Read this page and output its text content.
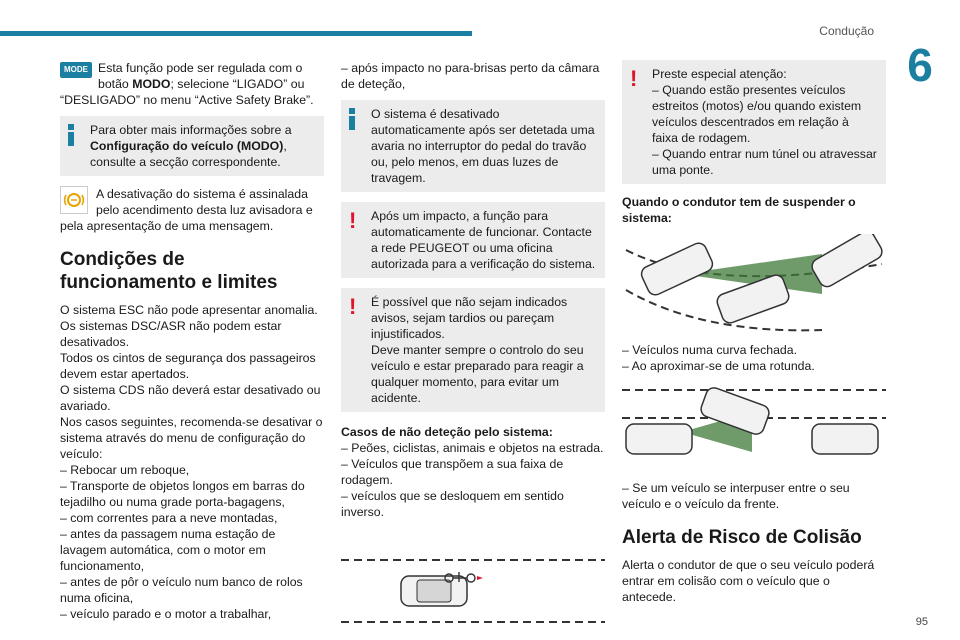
Condução
6
95
MODE Esta função pode ser regulada com o botão MODO; selecione “LIGADO” ou “DESLIGADO” no menu “Active Safety Brake”.
Para obter mais informações sobre a Configuração do veículo (MODO), consulte a secção correspondente.
A desativação do sistema é assinalada pelo acendimento desta luz avisadora e pela apresentação de uma mensagem.
Condições de funcionamento e limites

O sistema ESC não pode apresentar anomalia.

Os sistemas DSC/ASR não podem estar desativados.

Todos os cintos de segurança dos passageiros devem estar apertados.

O sistema CDS não deverá estar desativado ou avariado.

Nos casos seguintes, recomenda-se desativar o sistema através do menu de configuração do veículo:

– Rebocar um reboque,

– Transporte de objetos longos em barras do tejadilho ou numa grade porta-bagagens,

– com correntes para a neve montadas,

– antes da passagem numa estação de lavagem automática, com o motor em funcionamento,

– antes de pôr o veículo num banco de rolos numa oficina,

– veículo parado e o motor a trabalhar,

– após impacto no para-brisas perto da câmara de deteção,

O sistema é desativado automaticamente após ser detetada uma avaria no interruptor do pedal do travão ou, pelo menos, em duas luzes de travagem.
! Após um impacto, a função para automaticamente de funcionar. Contacte a rede PEUGEOT ou uma oficina autorizada para a verificação do sistema.
! É possível que não sejam indicados avisos, sejam tardios ou pareçam injustificados.
Deve manter sempre o controlo do seu veículo e estar preparado para reagir a qualquer momento, para evitar um acidente.
Casos de não deteção pelo sistema:

– Peões, ciclistas, animais e objetos na estrada.

– Veículos que transpõem a sua faixa de rodagem.

– veículos que se desloquem em sentido inverso.

! Preste especial atenção:
– Quando estão presentes veículos estreitos (motos) e/ou quando existem veículos descentrados em relação à faixa de rodagem.
– Quando entrar num túnel ou atravessar uma ponte.
Quando o condutor tem de suspender o sistema:

– Veículos numa curva fechada.

– Ao aproximar-se de uma rotunda.

– Se um veículo se interpuser entre o seu veículo e o veículo da frente.

Alerta de Risco de Colisão

Alerta o condutor de que o seu veículo poderá entrar em colisão com o veículo que o antecede.
